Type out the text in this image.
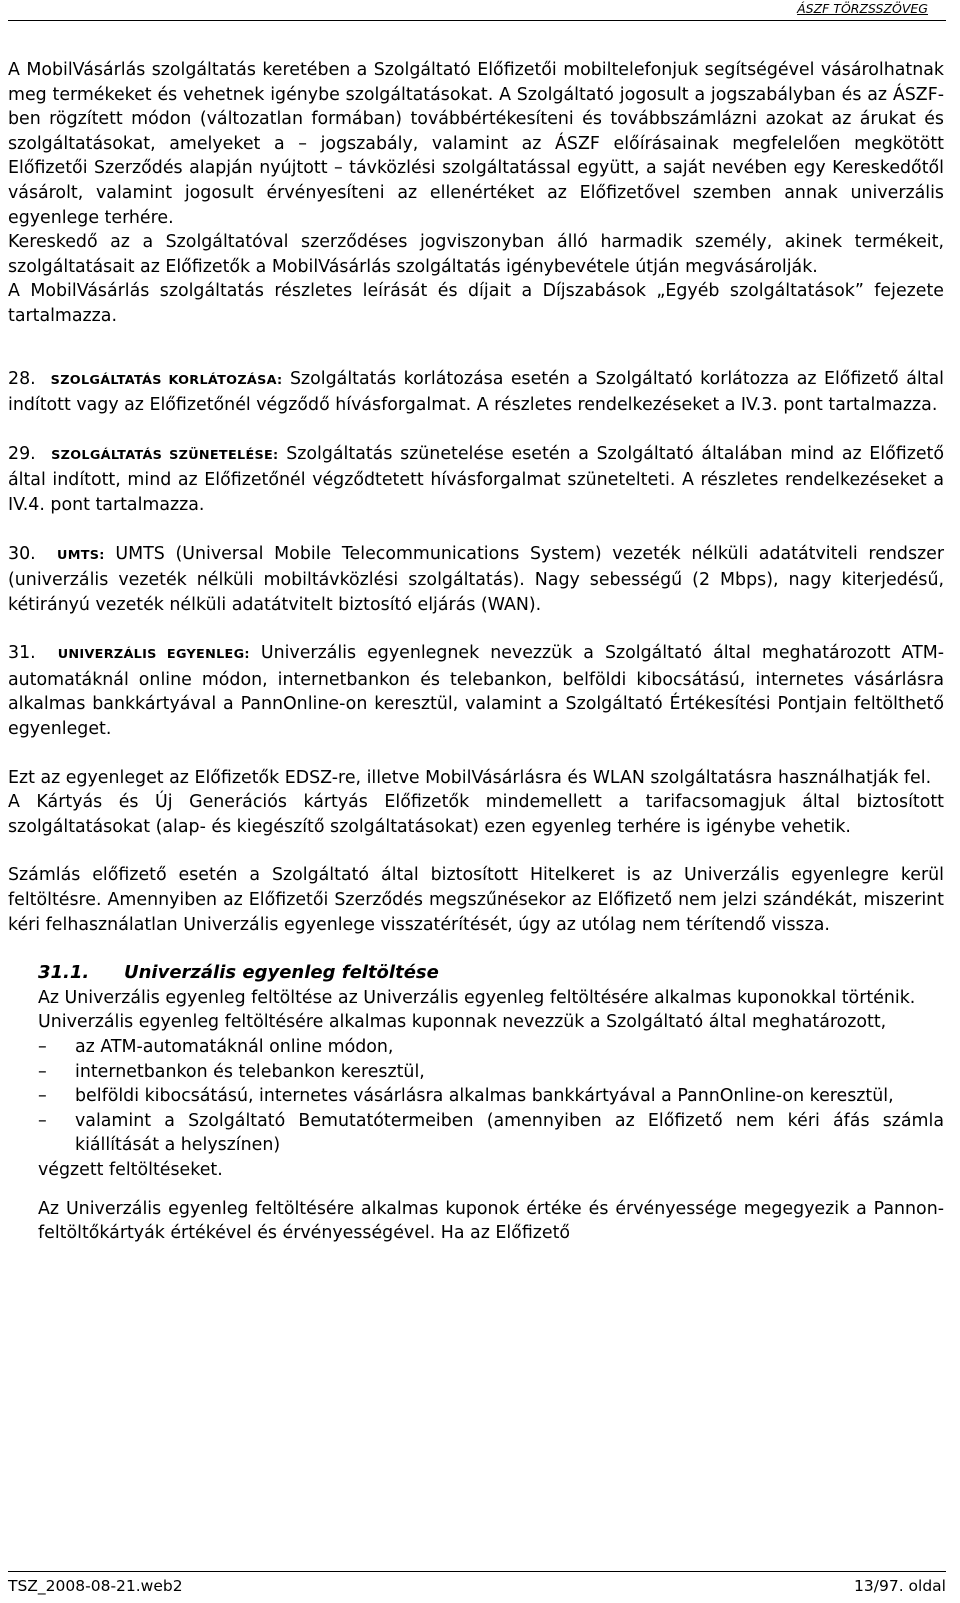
ÁSZF TÖRZSSZÖVEG

A MobilVásárlás szolgáltatás keretében a Szolgáltató Előfizetői mobiltelefonjuk segítségével vásárolhatnak meg termékeket és vehetnek igénybe szolgáltatásokat. A Szolgáltató jogosult a jogszabályban és az ÁSZF-ben rögzített módon (változatlan formában) továbbértékesíteni és továbbszámlázni azokat az árukat és szolgáltatásokat, amelyeket a – jogszabály, valamint az ÁSZF előírásainak megfelelően megkötött Előfizetői Szerződés alapján nyújtott – távközlési szolgáltatással együtt, a saját nevében egy Kereskedőtől vásárolt, valamint jogosult érvényesíteni az ellenértéket az Előfizetővel szemben annak univerzális egyenlege terhére.

Kereskedő az a Szolgáltatóval szerződéses jogviszonyban álló harmadik személy, akinek termékeit, szolgáltatásait az Előfizetők a MobilVásárlás szolgáltatás igénybevétele útján megvásárolják.

A MobilVásárlás szolgáltatás részletes leírását és díjait a Díjszabások „Egyéb szolgáltatások” fejezete tartalmazza.

28. SZOLGÁLTATÁS KORLÁTOZÁSA: Szolgáltatás korlátozása esetén a Szolgáltató korlátozza az Előfizető által indított vagy az Előfizetőnél végződő hívásforgalmat. A részletes rendelkezéseket a IV.3. pont tartalmazza.

29. SZOLGÁLTATÁS SZÜNETELÉSE: Szolgáltatás szünetelése esetén a Szolgáltató általában mind az Előfizető által indított, mind az Előfizetőnél végződtetett hívásforgalmat szünetelteti. A részletes rendelkezéseket a IV.4. pont tartalmazza.

30. UMTS: UMTS (Universal Mobile Telecommunications System) vezeték nélküli adatátviteli rendszer (univerzális vezeték nélküli mobiltávközlési szolgáltatás). Nagy sebességű (2 Mbps), nagy kiterjedésű, kétirányú vezeték nélküli adatátvitelt biztosító eljárás (WAN).

31. UNIVERZÁLIS EGYENLEG: Univerzális egyenlegnek nevezzük a Szolgáltató által meghatározott ATM-automatáknál online módon, internetbankon és telebankon, belföldi kibocsátású, internetes vásárlásra alkalmas bankkártyával a PannOnline-on keresztül, valamint a Szolgáltató Értékesítési Pontjain feltölthető egyenleget.

Ezt az egyenleget az Előfizetők EDSZ-re, illetve MobilVásárlásra és WLAN szolgáltatásra használhatják fel.

A Kártyás és Új Generációs kártyás Előfizetők mindemellett a tarifacsomagjuk által biztosított szolgáltatásokat (alap- és kiegészítő szolgáltatásokat) ezen egyenleg terhére is igénybe vehetik.

Számlás előfizető esetén a Szolgáltató által biztosított Hitelkeret is az Univerzális egyenlegre kerül feltöltésre. Amennyiben az Előfizetői Szerződés megszűnésekor az Előfizető nem jelzi szándékát, miszerint kéri felhasználatlan Univerzális egyenlege visszatérítését, úgy az utólag nem térítendő vissza.

31.1. Univerzális egyenleg feltöltése

Az Univerzális egyenleg feltöltése az Univerzális egyenleg feltöltésére alkalmas kuponokkal történik.

Univerzális egyenleg feltöltésére alkalmas kuponnak nevezzük a Szolgáltató által meghatározott,

– az ATM-automatáknál online módon,
– internetbankon és telebankon keresztül,
– belföldi kibocsátású, internetes vásárlásra alkalmas bankkártyával a PannOnline-on keresztül,
– valamint a Szolgáltató Bemutatótermeiben (amennyiben az Előfizető nem kéri áfás számla kiállítását a helyszínen)

végzett feltöltéseket.

Az Univerzális egyenleg feltöltésére alkalmas kuponok értéke és érvényessége megegyezik a Pannon-feltöltőkártyák értékével és érvényességével. Ha az Előfizető

TSZ_2008-08-21.web2	13/97. oldal
